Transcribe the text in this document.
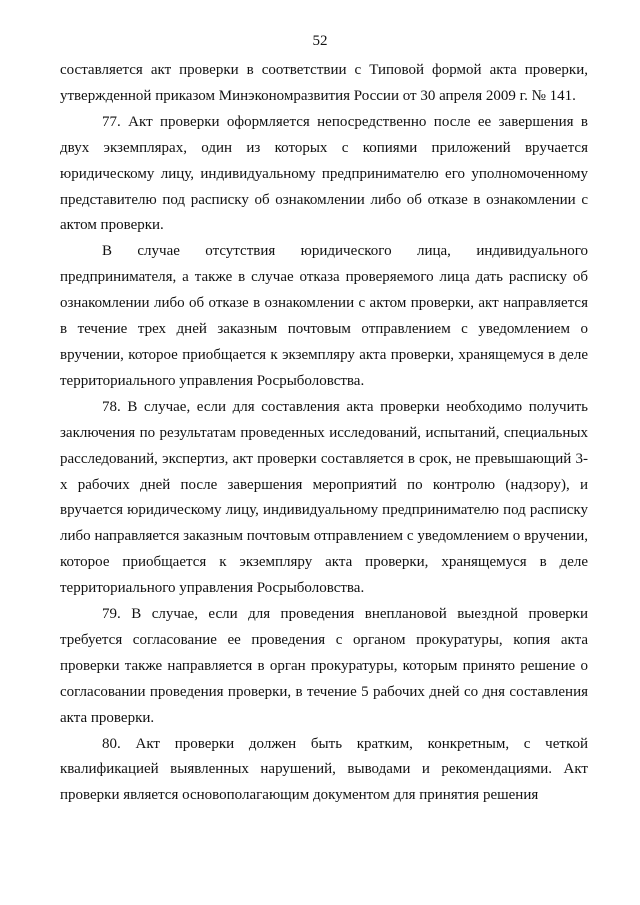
52

составляется акт проверки в соответствии с Типовой формой акта проверки, утвержденной приказом Минэкономразвития России от 30 апреля 2009 г. № 141.

77. Акт проверки оформляется непосредственно после ее завершения в двух экземплярах, один из которых с копиями приложений вручается юридическому лицу, индивидуальному предпринимателю его уполномоченному представителю под расписку об ознакомлении либо об отказе в ознакомлении с актом проверки.

В случае отсутствия юридического лица, индивидуального предпринимателя, а также в случае отказа проверяемого лица дать расписку об ознакомлении либо об отказе в ознакомлении с актом проверки, акт направляется в течение трех дней заказным почтовым отправлением с уведомлением о вручении, которое приобщается к экземпляру акта проверки, хранящемуся в деле территориального управления Росрыболовства.

78. В случае, если для составления акта проверки необходимо получить заключения по результатам проведенных исследований, испытаний, специальных расследований, экспертиз, акт проверки составляется в срок, не превышающий 3-х рабочих дней после завершения мероприятий по контролю (надзору), и вручается юридическому лицу, индивидуальному предпринимателю под расписку либо направляется заказным почтовым отправлением с уведомлением о вручении, которое приобщается к экземпляру акта проверки, хранящемуся в деле территориального управления Росрыболовства.

79. В случае, если для проведения внеплановой выездной проверки требуется согласование ее проведения с органом прокуратуры, копия акта проверки также направляется в орган прокуратуры, которым принято решение о согласовании проведения проверки, в течение 5 рабочих дней со дня составления акта проверки.

80. Акт проверки должен быть кратким, конкретным, с четкой квалификацией выявленных нарушений, выводами и рекомендациями. Акт проверки является основополагающим документом для принятия решения
